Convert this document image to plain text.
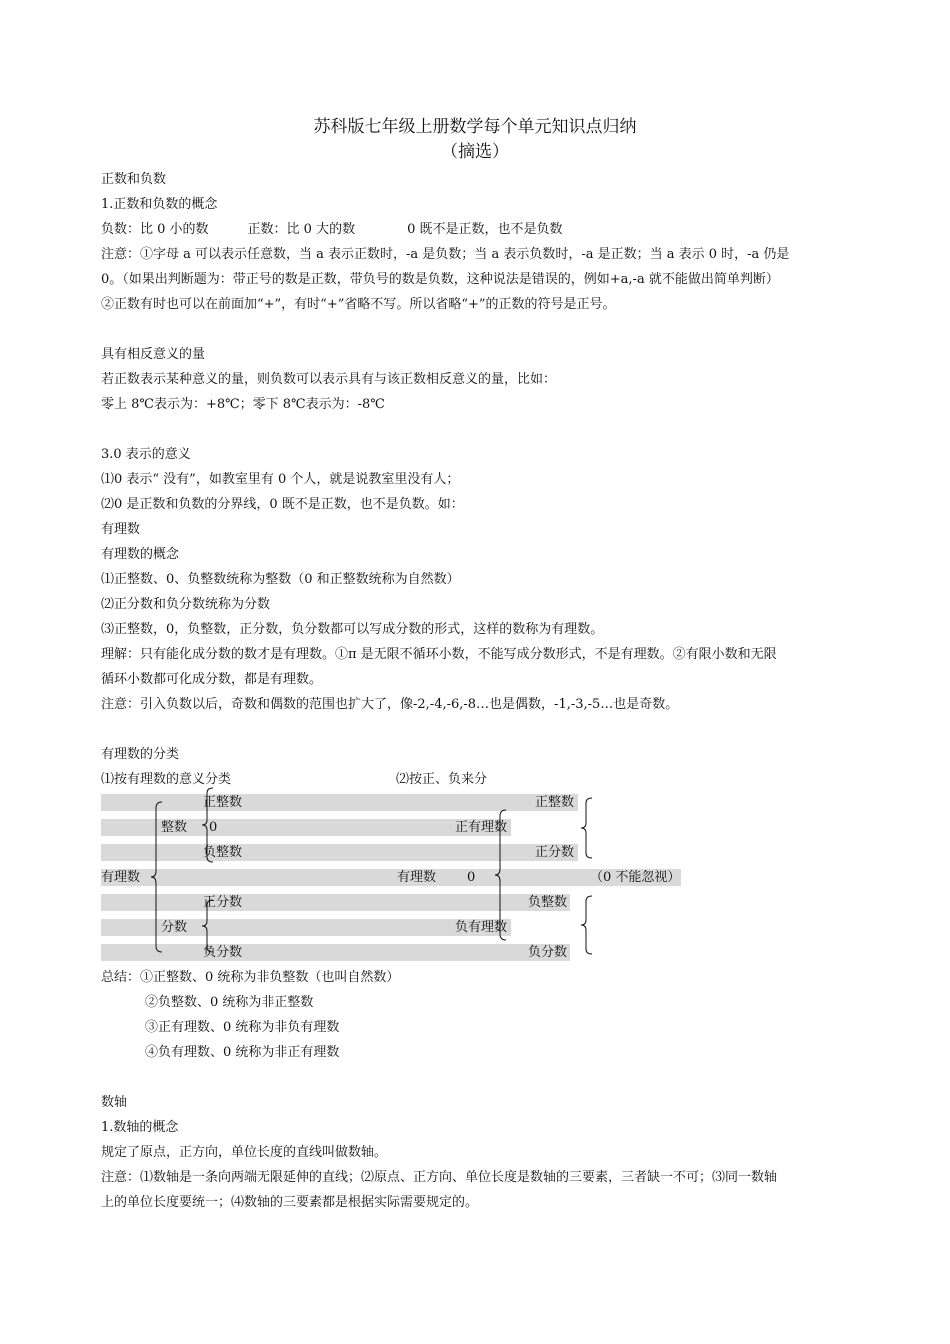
苏科版七年级上册数学每个单元知识点归纳
（摘选）
正数和负数
1.正数和负数的概念
负数：比 0 小的数　　　正数：比 0 大的数　　　　0 既不是正数，也不是负数
注意：①字母 a 可以表示任意数，当 a 表示正数时，-a 是负数；当 a 表示负数时，-a 是正数；当 a 表示 0 时，-a 仍是
0。（如果出判断题为：带正号的数是正数，带负号的数是负数，这种说法是错误的，例如+a,-a 就不能做出简单判断）
②正数有时也可以在前面加“+”，有时“+”省略不写。所以省略“+”的正数的符号是正号。
具有相反意义的量
若正数表示某种意义的量，则负数可以表示具有与该正数相反意义的量，比如：
零上 8℃表示为：+8℃；零下 8℃表示为：-8℃
3.0 表示的意义
⑴0 表示“ 没有”，如教室里有 0 个人，就是说教室里没有人；
⑵0 是正数和负数的分界线，0 既不是正数，也不是负数。如：
有理数
有理数的概念
⑴正整数、0、负整数统称为整数（0 和正整数统称为自然数）
⑵正分数和负分数统称为分数
⑶正整数，0，负整数，正分数，负分数都可以写成分数的形式，这样的数称为有理数。
理解：只有能化成分数的数才是有理数。①π 是无限不循环小数，不能写成分数形式，不是有理数。②有限小数和无限
循环小数都可化成分数，都是有理数。
注意：引入负数以后，奇数和偶数的范围也扩大了，像-2,-4,-6,-8…也是偶数，-1,-3,-5…也是奇数。
有理数的分类
⑴按有理数的意义分类	⑵按正、负来分
有理数
整数
分数
正整数
0
负整数
正分数
负分数
有理数 0
正有理数
负有理数
正整数
正分数
负整数
负分数
（0 不能忽视）
总结：①正整数、0 统称为非负整数（也叫自然数）
②负整数、0 统称为非正整数
③正有理数、0 统称为非负有理数
④负有理数、0 统称为非正有理数
数轴
1.数轴的概念
规定了原点，正方向，单位长度的直线叫做数轴。
注意：⑴数轴是一条向两端无限延伸的直线；⑵原点、正方向、单位长度是数轴的三要素，三者缺一不可；⑶同一数轴
上的单位长度要统一；⑷数轴的三要素都是根据实际需要规定的。
